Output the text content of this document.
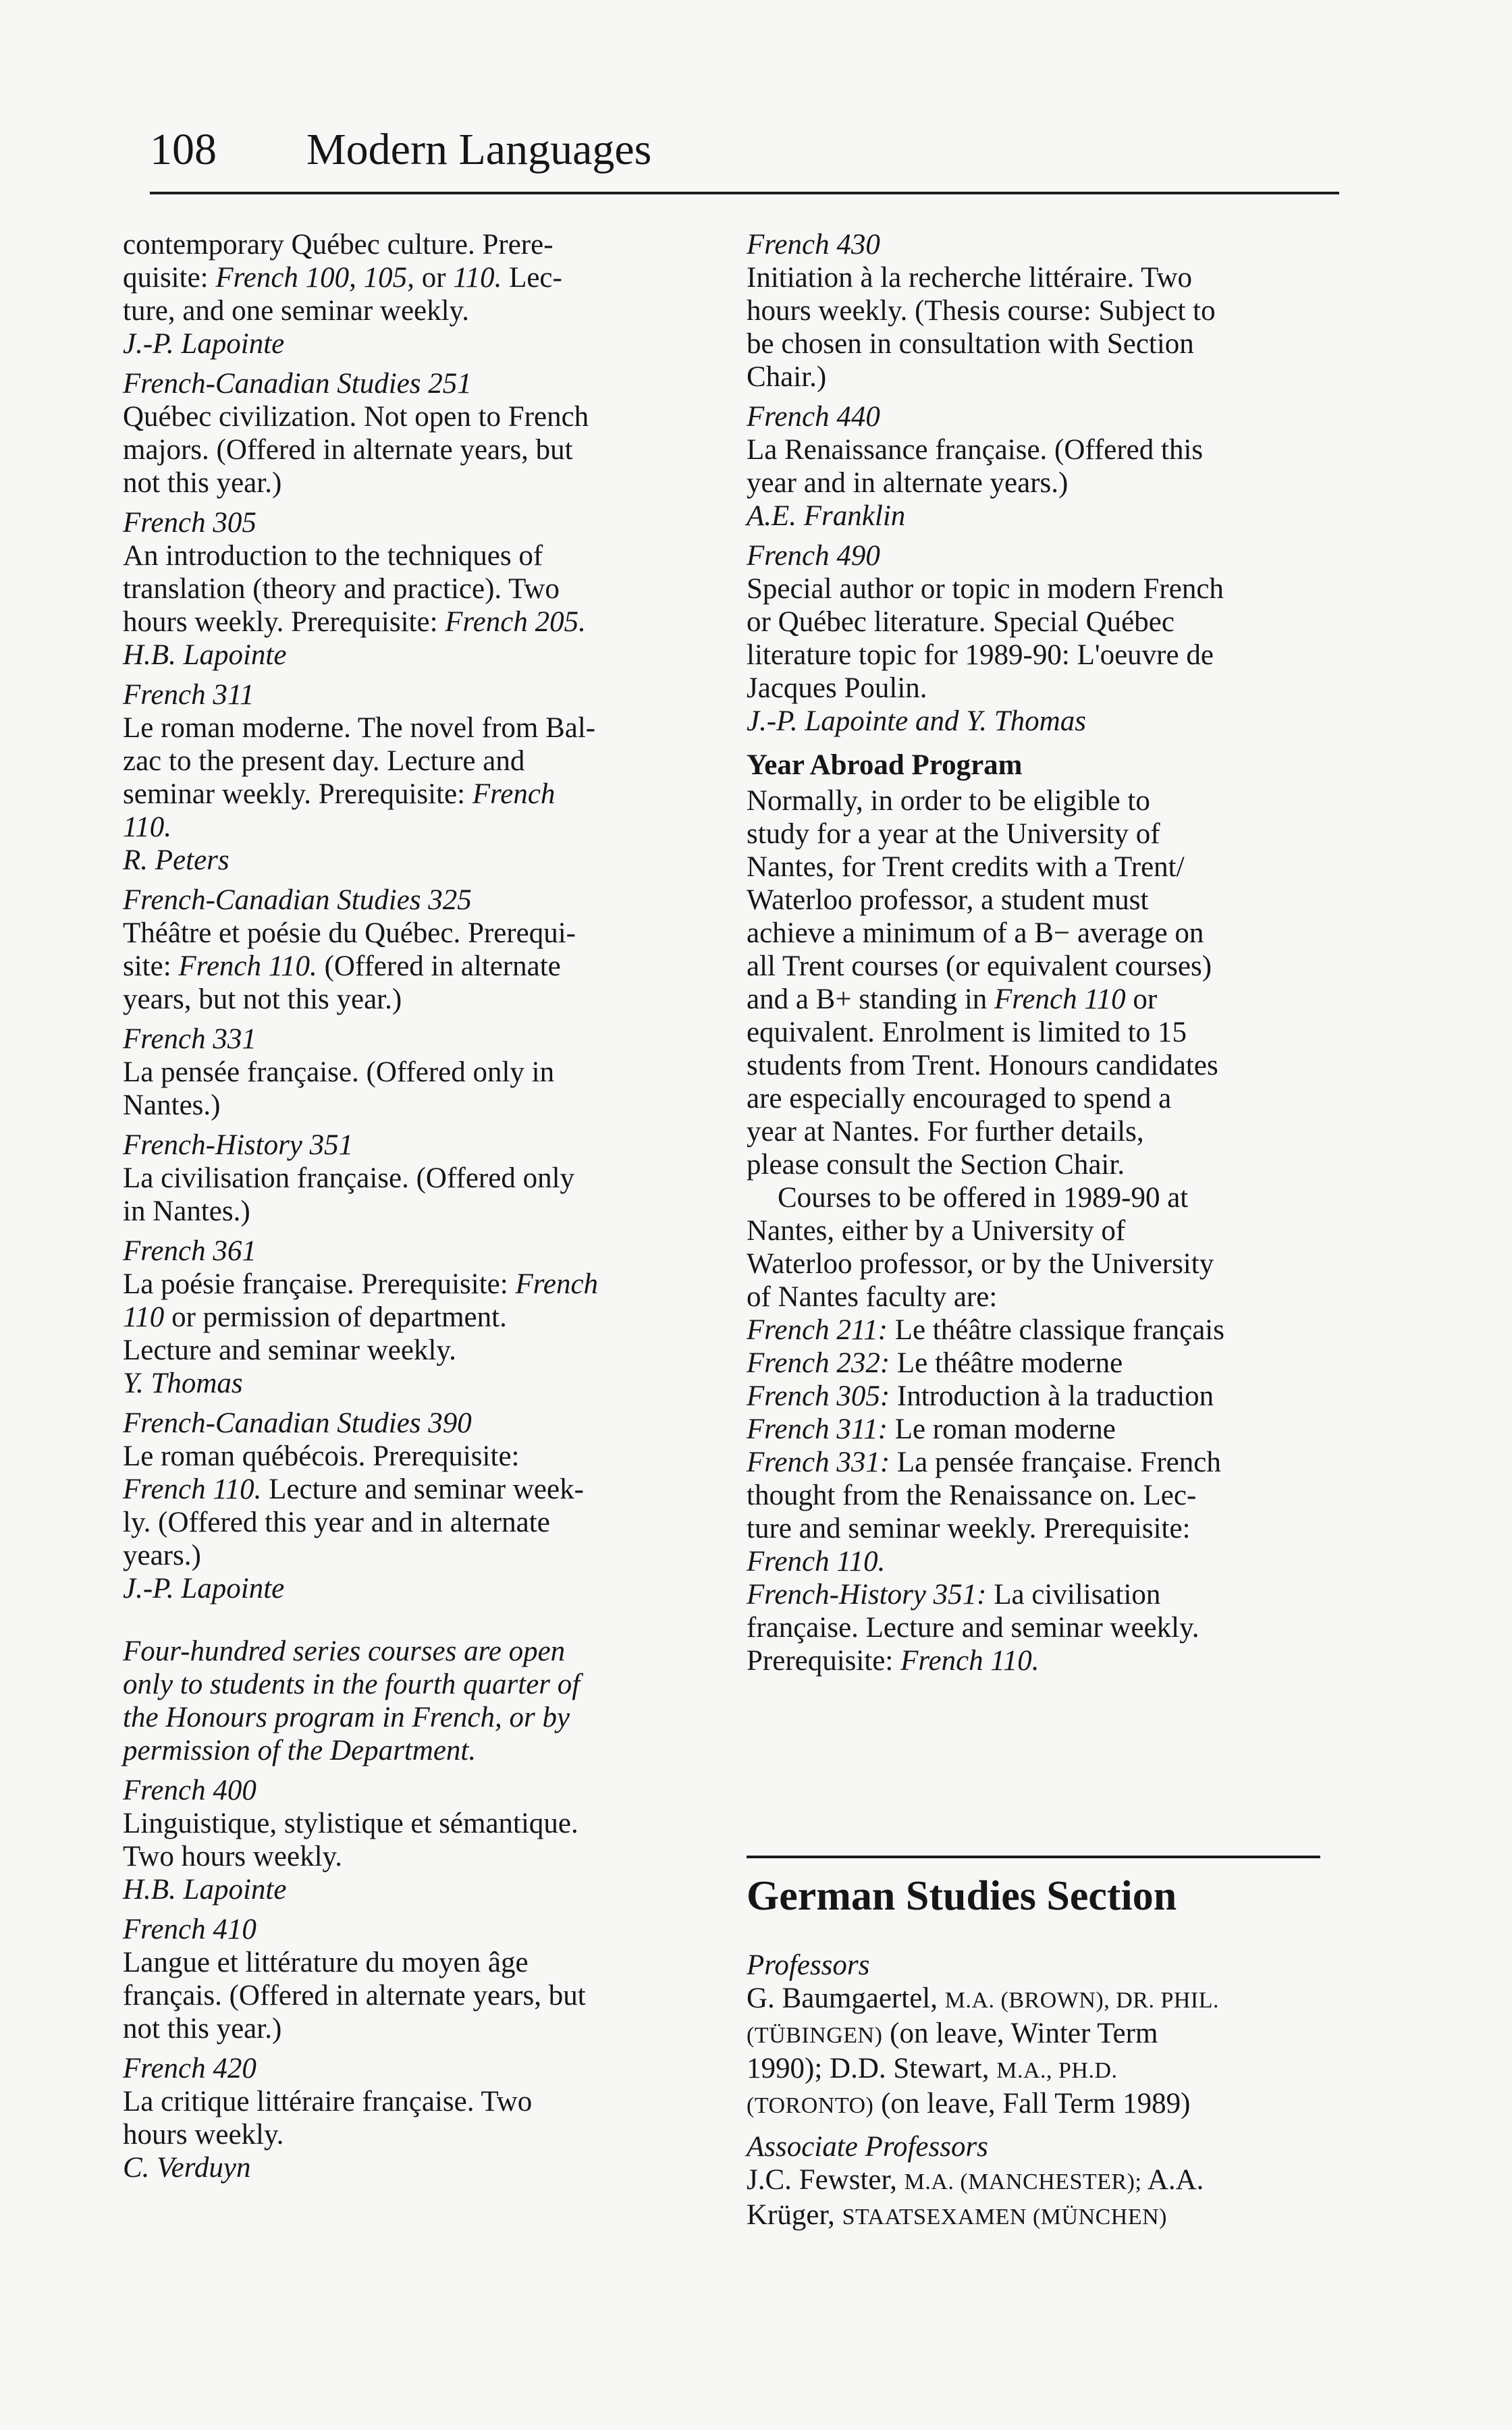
108 Modern Languages
contemporary Québec culture. Prere-
quisite: French 100, 105, or 110. Lec-
ture, and one seminar weekly.
J.-P. Lapointe
French-Canadian Studies 251
Québec civilization. Not open to French
majors. (Offered in alternate years, but
not this year.)
French 305
An introduction to the techniques of
translation (theory and practice). Two
hours weekly. Prerequisite: French 205.
H.B. Lapointe
French 311
Le roman moderne. The novel from Bal-
zac to the present day. Lecture and
seminar weekly. Prerequisite: French
110.
R. Peters
French-Canadian Studies 325
Théâtre et poésie du Québec. Prerequi-
site: French 110. (Offered in alternate
years, but not this year.)
French 331
La pensée française. (Offered only in
Nantes.)
French-History 351
La civilisation française. (Offered only
in Nantes.)
French 361
La poésie française. Prerequisite: French
110 or permission of department.
Lecture and seminar weekly.
Y. Thomas
French-Canadian Studies 390
Le roman québécois. Prerequisite:
French 110. Lecture and seminar week-
ly. (Offered this year and in alternate
years.)
J.-P. Lapointe
Four-hundred series courses are open
only to students in the fourth quarter of
the Honours program in French, or by
permission of the Department.
French 400
Linguistique, stylistique et sémantique.
Two hours weekly.
H.B. Lapointe
French 410
Langue et littérature du moyen âge
français. (Offered in alternate years, but
not this year.)
French 420
La critique littéraire française. Two
hours weekly.
C. Verduyn
French 430
Initiation à la recherche littéraire. Two
hours weekly. (Thesis course: Subject to
be chosen in consultation with Section
Chair.)
French 440
La Renaissance française. (Offered this
year and in alternate years.)
A.E. Franklin
French 490
Special author or topic in modern French
or Québec literature. Special Québec
literature topic for 1989-90: L'oeuvre de
Jacques Poulin.
J.-P. Lapointe and Y. Thomas
Year Abroad Program
Normally, in order to be eligible to
study for a year at the University of
Nantes, for Trent credits with a Trent/
Waterloo professor, a student must
achieve a minimum of a B− average on
all Trent courses (or equivalent courses)
and a B+ standing in French 110 or
equivalent. Enrolment is limited to 15
students from Trent. Honours candidates
are especially encouraged to spend a
year at Nantes. For further details,
please consult the Section Chair.
Courses to be offered in 1989-90 at
Nantes, either by a University of
Waterloo professor, or by the University
of Nantes faculty are:
French 211: Le théâtre classique français
French 232: Le théâtre moderne
French 305: Introduction à la traduction
French 311: Le roman moderne
French 331: La pensée française. French
thought from the Renaissance on. Lec-
ture and seminar weekly. Prerequisite:
French 110.
French-History 351: La civilisation
française. Lecture and seminar weekly.
Prerequisite: French 110.
German Studies Section
Professors
G. Baumgaertel, M.A. (BROWN), DR. PHIL.
(TÜBINGEN) (on leave, Winter Term
1990); D.D. Stewart, M.A., PH.D.
(TORONTO) (on leave, Fall Term 1989)
Associate Professors
J.C. Fewster, M.A. (MANCHESTER); A.A.
Krüger, STAATSEXAMEN (MÜNCHEN)
